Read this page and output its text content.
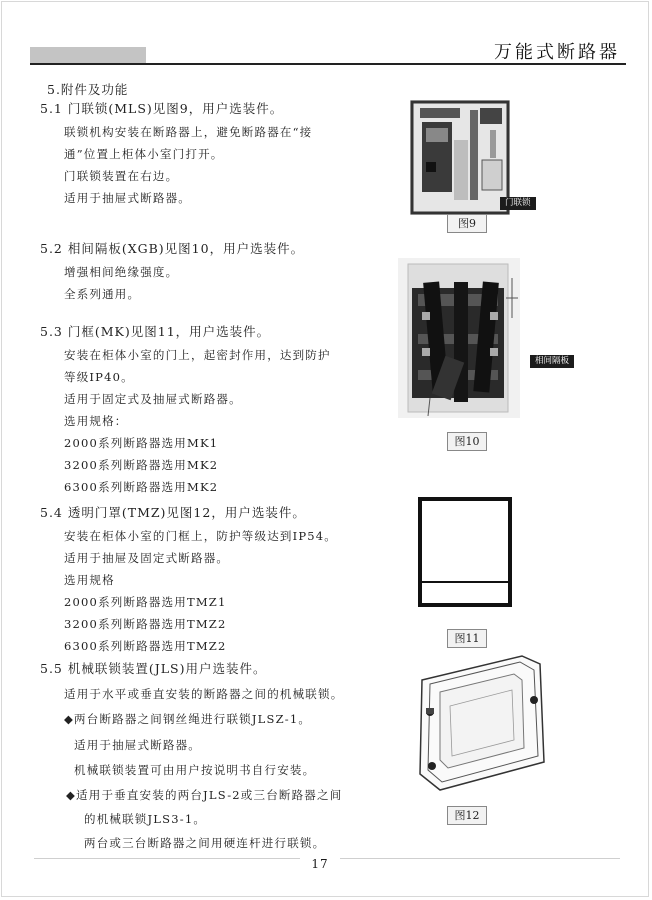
万能式断路器
5.附件及功能
5.1 门联锁(MLS)见图9，用户选装件。
联锁机构安装在断路器上，避免断路器在“接
通”位置上柜体小室门打开。
门联锁装置在右边。
适用于抽屉式断路器。
5.2 相间隔板(XGB)见图10，用户选装件。
增强相间绝缘强度。
全系列通用。
5.3 门框(MK)见图11，用户选装件。
安装在柜体小室的门上，起密封作用，达到防护
等级IP40。
适用于固定式及抽屉式断路器。
选用规格：
2000系列断路器选用MK1
3200系列断路器选用MK2
6300系列断路器选用MK2
5.4 透明门罩(TMZ)见图12，用户选装件。
安装在柜体小室的门框上，防护等级达到IP54。
适用于抽屉及固定式断路器。
选用规格
2000系列断路器选用TMZ1
3200系列断路器选用TMZ2
6300系列断路器选用TMZ2
5.5 机械联锁装置(JLS)用户选装件。
适用于水平或垂直安装的断路器之间的机械联锁。
◆两台断路器之间钢丝绳进行联锁JLSZ-1。
适用于抽屉式断路器。
机械联锁装置可由用户按说明书自行安装。
◆适用于垂直安装的两台JLS-2或三台断路器之间
的机械联锁JLS3-1。
两台或三台断路器之间用硬连杆进行联锁。
门联锁
图9
相间隔板
图10
图11
图12
17
